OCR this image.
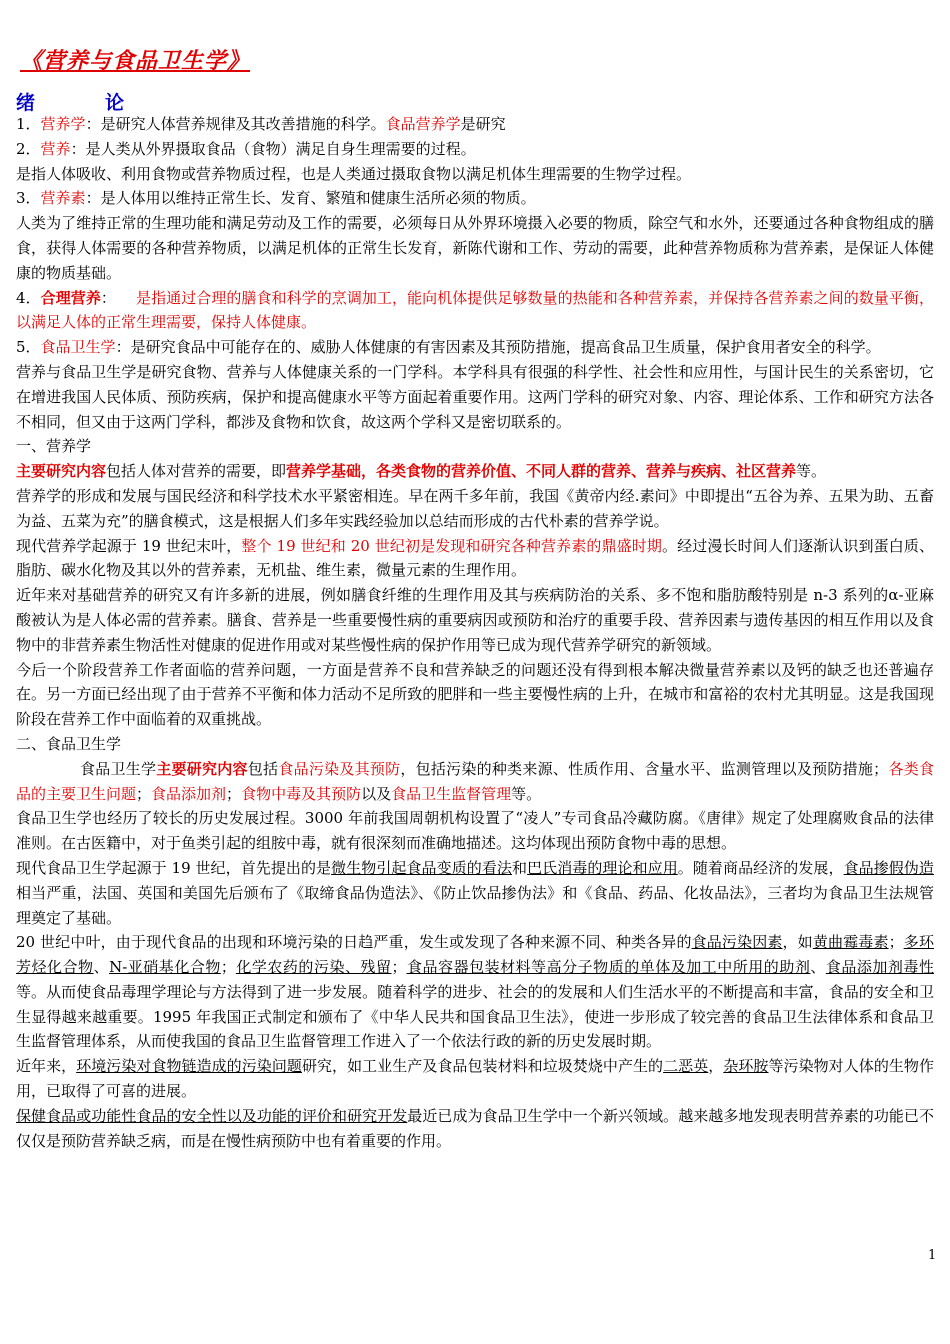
《营养与食品卫生学》
绪	论

1．营养学：是研究人体营养规律及其改善措施的科学。食品营养学是研究

2．营养：是人类从外界摄取食品（食物）满足自身生理需要的过程。

是指人体吸收、利用食物或营养物质过程，也是人类通过摄取食物以满足机体生理需要的生物学过程。

3．营养素：是人体用以维持正常生长、发育、繁殖和健康生活所必须的物质。

人类为了维持正常的生理功能和满足劳动及工作的需要，必须每日从外界环境摄入必要的物质，除空气和水外，还要通过各种食物组成的膳食，获得人体需要的各种营养物质，以满足机体的正常生长发育，新陈代谢和工作、劳动的需要，此种营养物质称为营养素，是保证人体健康的物质基础。

4．合理营养： 是指通过合理的膳食和科学的烹调加工，能向机体提供足够数量的热能和各种营养素，并保持各营养素之间的数量平衡，以满足人体的正常生理需要，保持人体健康。

5．食品卫生学：是研究食品中可能存在的、威胁人体健康的有害因素及其预防措施，提高食品卫生质量，保护食用者安全的科学。

营养与食品卫生学是研究食物、营养与人体健康关系的一门学科。本学科具有很强的科学性、社会性和应用性，与国计民生的关系密切，它在增进我国人民体质、预防疾病，保护和提高健康水平等方面起着重要作用。这两门学科的研究对象、内容、理论体系、工作和研究方法各不相同，但又由于这两门学科，都涉及食物和饮食，故这两个学科又是密切联系的。

一、营养学

主要研究内容包括人体对营养的需要，即营养学基础，各类食物的营养价值、不同人群的营养、营养与疾病、社区营养等。

营养学的形成和发展与国民经济和科学技术水平紧密相连。早在两千多年前，我国《黄帝内经.素问》中即提出“五谷为养、五果为助、五畜为益、五菜为充”的膳食模式，这是根据人们多年实践经验加以总结而形成的古代朴素的营养学说。

现代营养学起源于 19 世纪末叶，整个 19 世纪和 20 世纪初是发现和研究各种营养素的鼎盛时期。经过漫长时间人们逐渐认识到蛋白质、脂肪、碳水化物及其以外的营养素，无机盐、维生素，微量元素的生理作用。

近年来对基础营养的研究又有许多新的进展，例如膳食纤维的生理作用及其与疾病防治的关系、多不饱和脂肪酸特别是 n-3 系列的α-亚麻酸被认为是人体必需的营养素。膳食、营养是一些重要慢性病的重要病因或预防和治疗的重要手段、营养因素与遗传基因的相互作用以及食物中的非营养素生物活性对健康的促进作用或对某些慢性病的保护作用等已成为现代营养学研究的新领域。

今后一个阶段营养工作者面临的营养问题，一方面是营养不良和营养缺乏的问题还没有得到根本解决微量营养素以及钙的缺乏也还普遍存在。另一方面已经出现了由于营养不平衡和体力活动不足所致的肥胖和一些主要慢性病的上升，在城市和富裕的农村尤其明显。这是我国现阶段在营养工作中面临着的双重挑战。

二、食品卫生学

食品卫生学主要研究内容包括食品污染及其预防，包括污染的种类来源、性质作用、含量水平、监测管理以及预防措施；各类食品的主要卫生问题；食品添加剂；食物中毒及其预防以及食品卫生监督管理等。

食品卫生学也经历了较长的历史发展过程。3000 年前我国周朝机构设置了“凌人”专司食品冷藏防腐。《唐律》规定了处理腐败食品的法律准则。在古医籍中，对于鱼类引起的组胺中毒，就有很深刻而准确地描述。这均体现出预防食物中毒的思想。

现代食品卫生学起源于 19 世纪，首先提出的是微生物引起食品变质的看法和巴氏消毒的理论和应用。随着商品经济的发展，食品掺假伪造相当严重，法国、英国和美国先后颁布了《取缔食品伪造法》、《防止饮品掺伪法》和《食品、药品、化妆品法》，三者均为食品卫生法规管理奠定了基础。

20 世纪中叶，由于现代食品的出现和环境污染的日趋严重，发生或发现了各种来源不同、种类各异的食品污染因素，如黄曲霉毒素；多环芳烃化合物、N-亚硝基化合物；化学农药的污染、残留；食品容器包装材料等高分子物质的单体及加工中所用的助剂、食品添加剂毒性等。从而使食品毒理学理论与方法得到了进一步发展。随着科学的进步、社会的的发展和人们生活水平的不断提高和丰富，食品的安全和卫生显得越来越重要。1995 年我国正式制定和颁布了《中华人民共和国食品卫生法》，使进一步形成了较完善的食品卫生法律体系和食品卫生监督管理体系，从而使我国的食品卫生监督管理工作进入了一个依法行政的新的历史发展时期。

近年来，环境污染对食物链造成的污染问题研究，如工业生产及食品包装材料和垃圾焚烧中产生的二恶英，杂环胺等污染物对人体的生物作用，已取得了可喜的进展。

保健食品或功能性食品的安全性以及功能的评价和研究开发最近已成为食品卫生学中一个新兴领域。越来越多地发现表明营养素的功能已不仅仅是预防营养缺乏病，而是在慢性病预防中也有着重要的作用。

1
